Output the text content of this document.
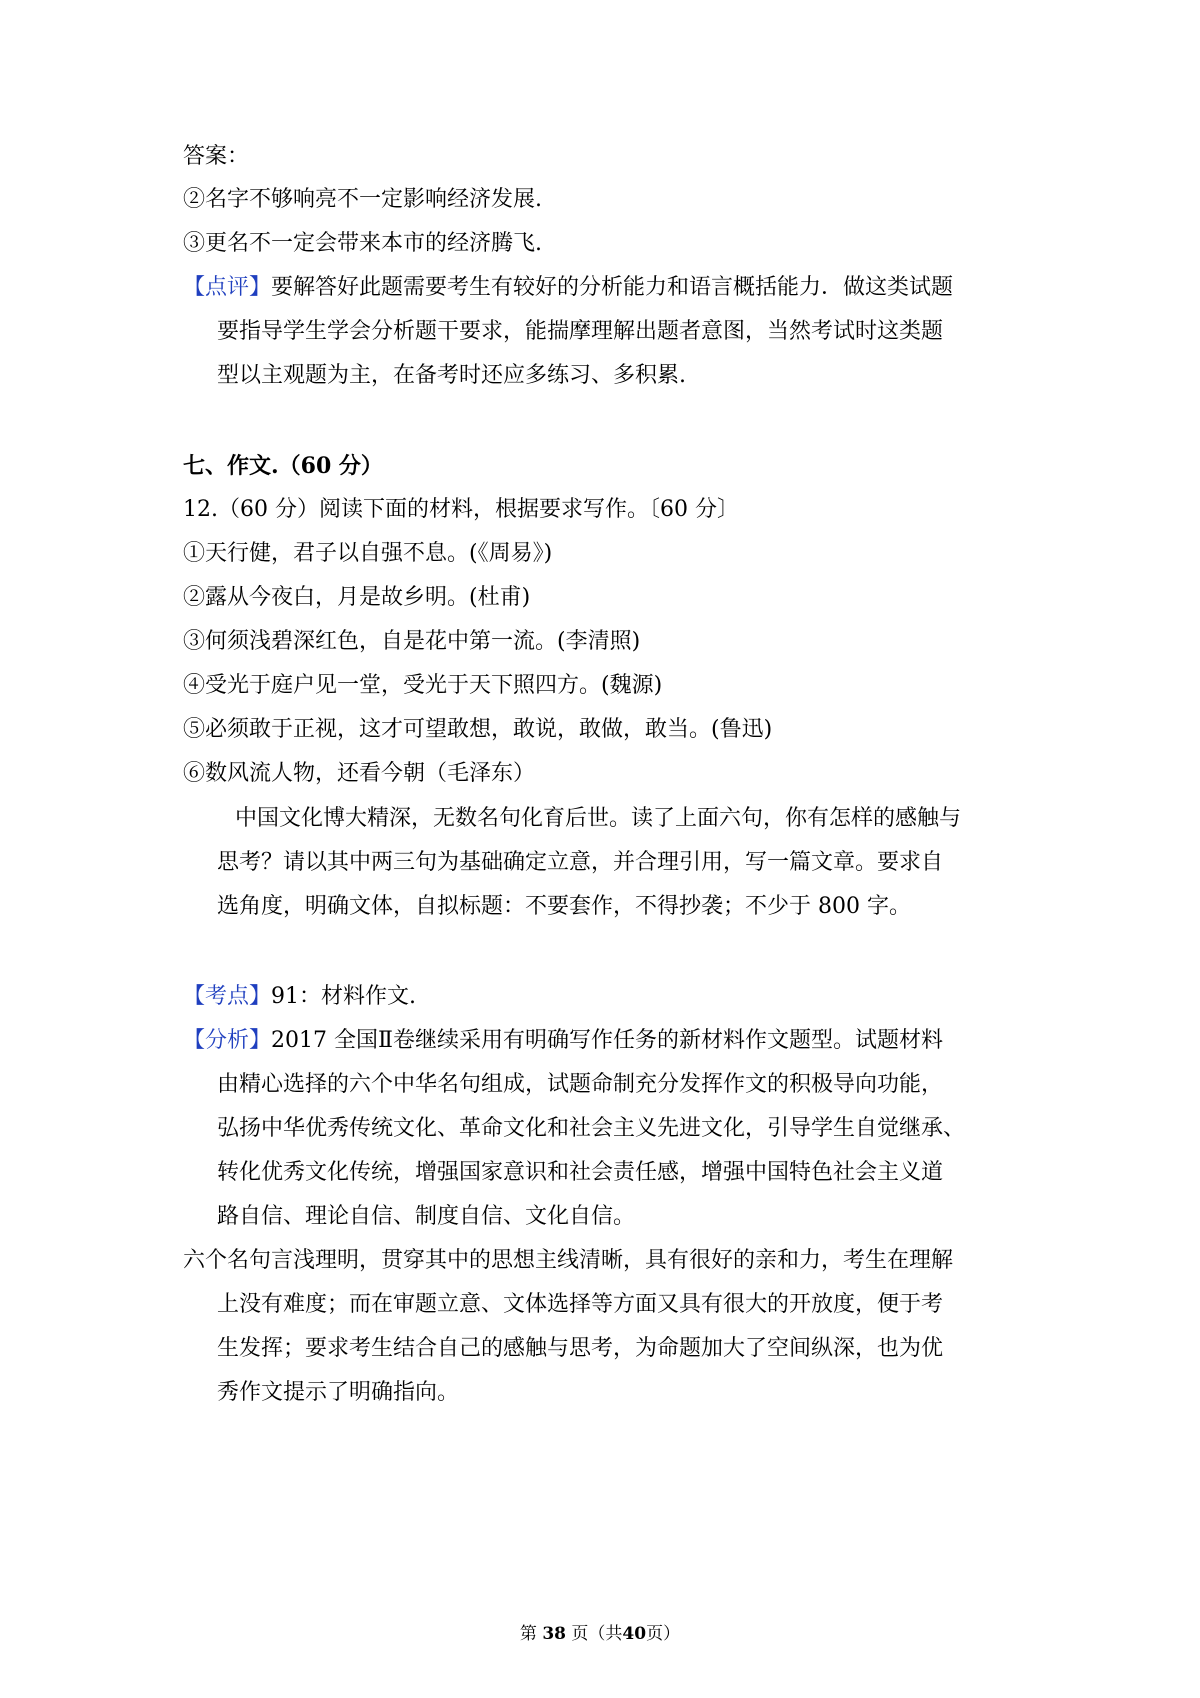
答案：
②名字不够响亮不一定影响经济发展.
③更名不一定会带来本市的经济腾飞.
【点评】要解答好此题需要考生有较好的分析能力和语言概括能力．做这类试题
要指导学生学会分析题干要求，能揣摩理解出题者意图，当然考试时这类题
型以主观题为主，在备考时还应多练习、多积累.
七、作文.（60 分）
12.（60 分）阅读下面的材料，根据要求写作。〔60 分〕
①天行健，君子以自强不息。(《周易》)
②露从今夜白，月是故乡明。(杜甫)
③何须浅碧深红色，自是花中第一流。(李清照)
④受光于庭户见一堂，受光于天下照四方。(魏源)
⑤必须敢于正视，这才可望敢想，敢说，敢做，敢当。(鲁迅)
⑥数风流人物，还看今朝（毛泽东）
中国文化博大精深，无数名句化育后世。读了上面六句，你有怎样的感触与
思考？请以其中两三句为基础确定立意，并合理引用，写一篇文章。要求自
选角度，明确文体，自拟标题：不要套作，不得抄袭；不少于 800 字。
【考点】91：材料作文.
【分析】2017 全国Ⅱ卷继续采用有明确写作任务的新材料作文题型。试题材料
由精心选择的六个中华名句组成，试题命制充分发挥作文的积极导向功能，
弘扬中华优秀传统文化、革命文化和社会主义先进文化，引导学生自觉继承、
转化优秀文化传统，增强国家意识和社会责任感，增强中国特色社会主义道
路自信、理论自信、制度自信、文化自信。
六个名句言浅理明，贯穿其中的思想主线清晰，具有很好的亲和力，考生在理解
上没有难度；而在审题立意、文体选择等方面又具有很大的开放度，便于考
生发挥；要求考生结合自己的感触与思考，为命题加大了空间纵深，也为优
秀作文提示了明确指向。
第 38 页（共40页）
